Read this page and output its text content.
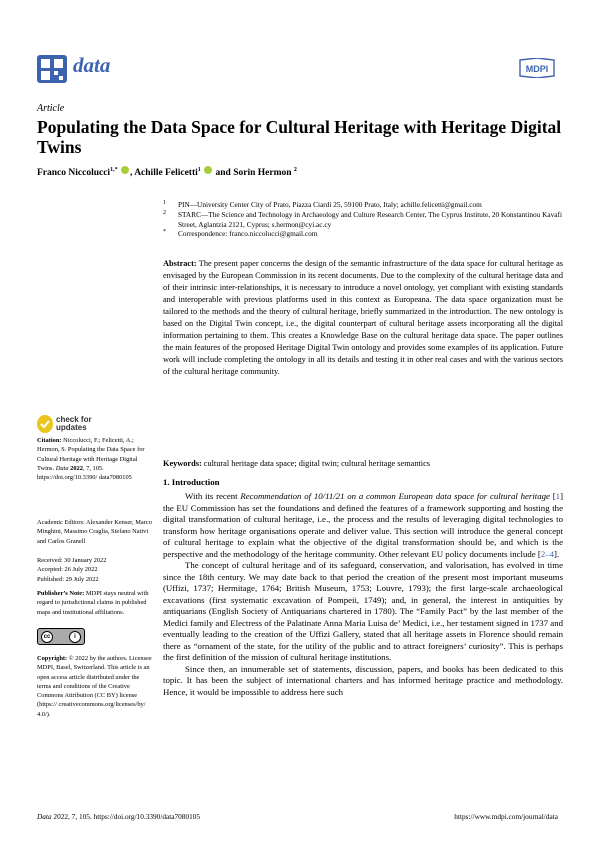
data	MDPI
Article
Populating the Data Space for Cultural Heritage with Heritage Digital Twins
Franco Niccolucci$^{1,*}$ , Achille Felicetti$^1$  and Sorin Hermon $^2$
1 PIN—University Center City of Prato, Piazza Ciardi 25, 59100 Prato, Italy; achille.felicetti@gmail.com
2 STARC—The Science and Technology in Archaeology and Culture Research Center, The Cyprus Institute, 20 Konstantinou Kavafi Street, Aglantzia 2121, Cyprus; s.hermon@cyi.ac.cy
* Correspondence: franco.niccolucci@gmail.com
Abstract: The present paper concerns the design of the semantic infrastructure of the data space for cultural heritage as envisaged by the European Commission in its recent documents. Due to the complexity of the cultural heritage data and of their intrinsic inter-relationships, it is necessary to introduce a novel ontology, yet compliant with existing standards and interoperable with previous platforms used in this context as Europeana. The data space organization must be tailored to the methods and the theory of cultural heritage, briefly summarized in the introduction. The new ontology is based on the Digital Twin concept, i.e., the digital counterpart of cultural heritage assets incorporating all the digital information pertaining to them. This creates a Knowledge Base on the cultural heritage data space. The paper outlines the main features of the proposed Heritage Digital Twin ontology and provides some examples of its application. Future work will include completing the ontology in all its details and testing it in other real cases and with the various sectors of the cultural heritage community.
Keywords: cultural heritage data space; digital twin; cultural heritage semantics
check for
updates
Citation: Niccolucci, F.; Felicetti, A.; Hermon, S. Populating the Data Space for Cultural Heritage with Heritage Digital Twins. Data 2022, 7, 105. https://doi.org/10.3390/ data7080105
Academic Editors: Alexander Kenser, Marco Minghini, Massimo Craglia, Stefano Nativi and Carlos Granell
Received: 30 January 2022
Accepted: 26 July 2022
Published: 29 July 2022
Publisher’s Note: MDPI stays neutral with regard to jurisdictional claims in published maps and institutional affiliations.
cc	i
Copyright: © 2022 by the authors. Licensee MDPI, Basel, Switzerland. This article is an open access article distributed under the terms and conditions of the Creative Commons Attribution (CC BY) license (https:// creativecommons.org/licenses/by/ 4.0/).
1. Introduction

With its recent Recommendation of 10/11/21 on a common European data space for cultural heritage [1] the EU Commission has set the foundations and defined the features of a framework supporting and hosting the digital transformation of cultural heritage, i.e., the process and the results of leveraging digital technologies to transform how heritage organisations operate and deliver value. This section will introduce the general concept of cultural heritage to explain what the objective of the digital transformation should be, and which is the perspective and the methodology of the heritage community. Other relevant EU policy documents include [2–4].

The concept of cultural heritage and of its safeguard, conservation, and valorisation, has evolved in time since the 18th century. We may date back to that period the creation of the present most important museums (Uffizi, 1737; Hermitage, 1764; British Museum, 1753; Louvre, 1793); the first large-scale archaeological excavations (first systematic excavation of Pompeii, 1749); and, in general, the interest in antiquities by antiquarians (English Society of Antiquarians chartered in 1780). The “Family Pact” by the last member of the Medici family and Electress of the Palatinate Anna Maria Luisa de’ Medici, i.e., her testament signed in 1737 and eventually leading to the creation of the Uffizi Gallery, stated that all heritage assets in Florence should remain there as “ornament of the state, for the utility of the public and to attract foreigners’ curiosity”. This is perhaps the first definition of the mission of cultural heritage institutions.

Since then, an innumerable set of statements, discussion, papers, and books has been dedicated to this topic. It has been the subject of international charters and has informed heritage practice and methodology. Hence, it would be impossible to address here such

Data 2022, 7, 105. https://doi.org/10.3390/data7080105	https://www.mdpi.com/journal/data
